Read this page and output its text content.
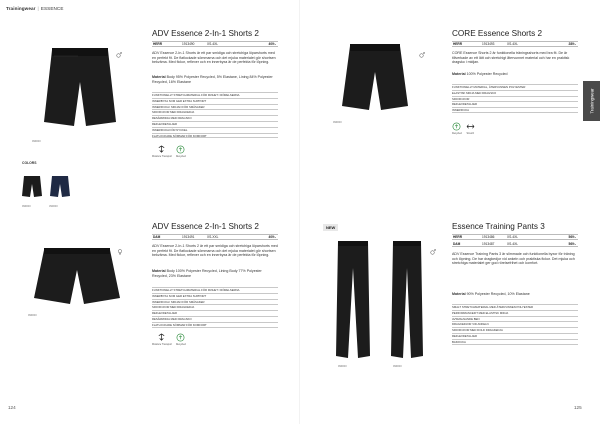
Trainingwear | ESSENCE
Trainingwear
999000
ADV Essence 2-In-1 Shorts 2
HERR	1913490	XS-4XL	409:-
ADV Essence 2-In-1 Shorts är ett par smidiga och stretchiga löparshorts med en perfekt fit. De flatlockade sömmarna och det mjuka materialet gör shortsen bekväma. Med fickor, reflexer och en innerbyxa är de perfekta för löpning.
Material Body 95% Polyester Recycled, 5% Elastane, Lining 84% Polyester Recycled, 16% Elastane
FUNKTIONELLT STRETCHMATERIAL FÖR FRIHET I RÖRELSERNA
INNERBYXA SOM GER EXTRA SUPPORT
INNERFICKA I MIDJAN FÖR SMÅSAKER
SIDOFICKOR MED DRAGKEDJA
RESÅRMIDJA MED DRAGSKO
REFLEXDETALJER
INNERFICKA FÖR NYCKEL
FLATLOCKADE SÖMMAR FÖR KOMFORT
Moisture Transport Recycled
COLORS
999000	390000
999000
CORE Essence Shorts 2
HERR	1913493	XS-4XL	289:-
CORE Essence Shorts 2 är funktionella träningsshorts med bra fit. De är tillverkade av ett lätt och stretchigt återvunnet material och har en praktisk dragsko i midjan.
Material 100% Polyester Recycled
FUNKTIONELLT MATERIAL, ÅTERVUNNEN POLYESTER
ELASTISK MIDJA MED DRAGSKO
SIDOFICKOR
REFLEXDETALJER
INNERFICKA
Recycled Stretch
999000
ADV Essence 2-In-1 Shorts 2
DAM	1913491	XS-XXL	409:-
ADV Essence 2-In-1 Shorts 2 är ett par smidiga och stretchiga löparshorts med en perfekt fit. De flatlockade sömmarna och det mjuka materialet gör shortsen bekväma. Med fickor, reflexer och en innerbyxa är de perfekta för löpning.
Material Body 100% Polyester Recycled, Lining Body 77% Polyester Recycled, 23% Elastane
FUNKTIONELLT STRETCHMATERIAL FÖR FRIHET I RÖRELSERNA
INNERBYXA SOM GER EXTRA SUPPORT
INNERFICKA I MIDJAN FÖR SMÅSAKER
SIDOFICKOR MED DRAGKEDJA
REFLEXDETALJER
RESÅRMIDJA MED DRAGSKO
FLATLOCKADE SÖMMAR FÖR KOMFORT
Moisture Transport Recycled
NEW
999000	999000
Essence Training Pants 3
HERR	1913486	XS-4XL	569:-
DAM	1913487	XS-4XL	569:-
ADV Essence Training Pants 3 är slimmade och funktionella byxor för träning och löpning. De har dragkedjor vid ankeln och praktiska fickor. Det mjuka och stretchiga materialet ger god rörelsefrihet och komfort.
Material 90% Polyester Recycled, 10% Elastane
SMALT STRETCHMATERIAL MED ÅTERVUNNEN POLYESTER
PERFORMANCEFIT MED ELASTISK MIDJA
AVSMALNANDE BEN
DRAGKEDJOR VID ANKELN
SIDOFICKOR MED DOLD DRAGKEDJA
REFLEXDETALJER
BAKFICKA
124	125
